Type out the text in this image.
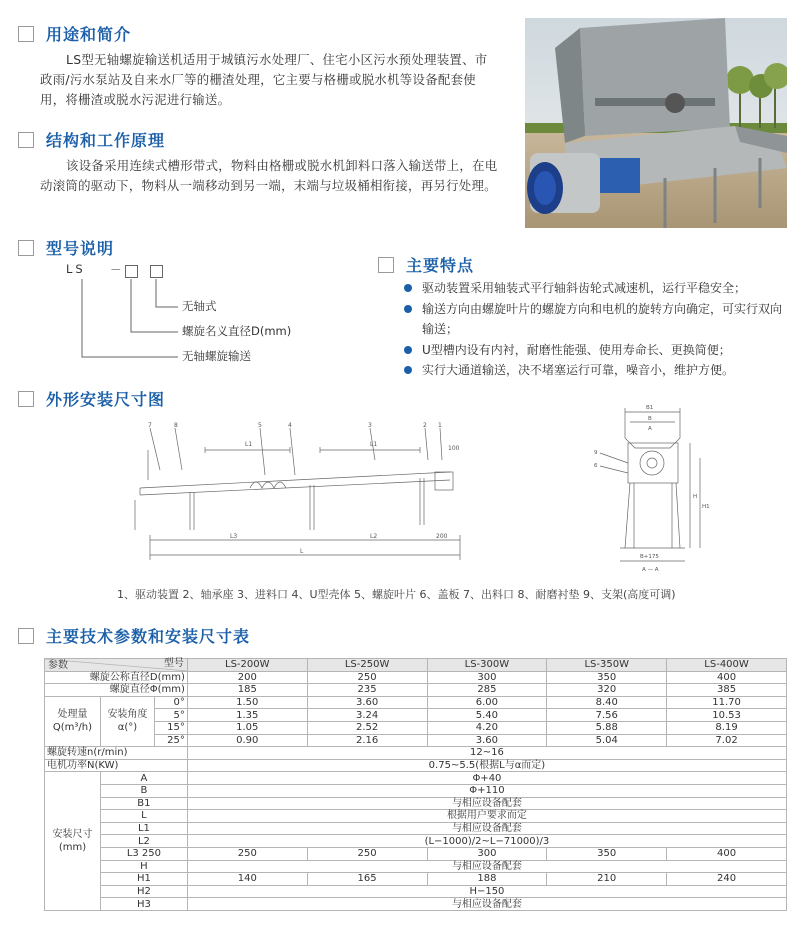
用途和简介
LS型无轴螺旋输送机适用于城镇污水处理厂、住宅小区污水预处理装置、市政雨/污水泵站及自来水厂等的栅渣处理，它主要与格栅或脱水机等设备配套使用，将栅渣或脱水污泥进行输送。
结构和工作原理
该设备采用连续式槽形带式，物料由格栅或脱水机卸料口落入输送带上，在电动滚筒的驱动下，物料从一端移动到另一端，末端与垃圾桶相衔接，再另行处理。
型号说明
LS －
无轴式
螺旋名义直径D(mm)
无轴螺旋输送
主要特点
驱动装置采用轴装式平行轴斜齿轮式减速机，运行平稳安全；
输送方向由螺旋叶片的螺旋方向和电机的旋转方向确定，可实行双向输送；
U型槽内设有内衬，耐磨性能强、使用寿命长、更换简便；
实行大通道输送，决不堵塞运行可靠，噪音小，维护方便。
外形安装尺寸图
7	8	5	4	3	2 1
L1	L1
L3	L2	200
L
100
B1
B
A
H
H1
9
6
B+175
A — A
1、驱动装置 2、轴承座 3、进料口 4、U型壳体 5、螺旋叶片 6、盖板 7、出料口 8、耐磨衬垫 9、支架(高度可调)
主要技术参数和安装尺寸表
参数 型号			LS-200W	LS-250W	LS-300W	LS-350W	LS-400W
螺旋公称直径D(mm)			200	250	300	350	400
螺旋直径Φ(mm)			185	235	285	320	385
处理量Q(m³/h)	安装角度α(°)	0°	1.50	3.60	6.00	8.40	11.70
		5°	1.35	3.24	5.40	7.56	10.53
		15°	1.05	2.52	4.20	5.88	8.19
		25°	0.90	2.16	3.60	5.04	7.02
螺旋转速n(r/min)			12~16				
电机功率N(KW)			0.75~5.5(根据L与α而定)				
安装尺寸(mm)	A		Φ+40				
	B		Φ+110				
	B1		与相应设备配套				
	L		根据用户要求而定				
	L1		与相应设备配套				
	L2		(L−1000)/2~L−71000)/3				
	L3 250		250	250	300	350	400
	H		与相应设备配套				
	H1		140	165	188	210	240
	H2		H−150				
	H3		与相应设备配套				
